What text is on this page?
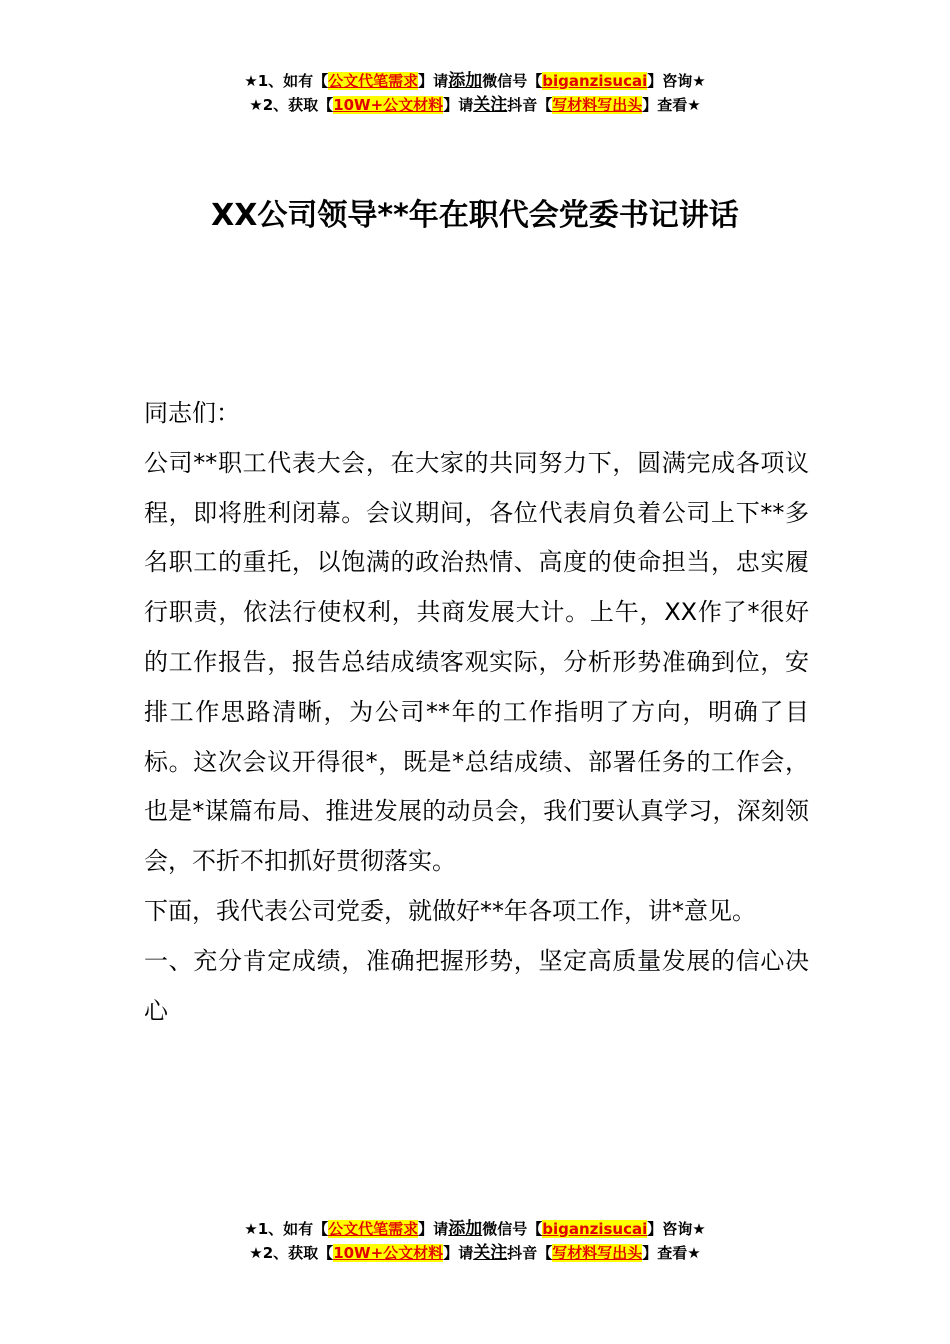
★1、如有【公文代笔需求】请添加微信号【biganzisucai】咨询★
★2、获取【10W+公文材料】请关注抖音【写材料写出头】查看★
XX公司领导**年在职代会党委书记讲话

同志们：

公司**职工代表大会，在大家的共同努力下，圆满完成各项议程，即将胜利闭幕。会议期间，各位代表肩负着公司上下**多名职工的重托，以饱满的政治热情、高度的使命担当，忠实履行职责，依法行使权利，共商发展大计。上午，XX作了*很好的工作报告，报告总结成绩客观实际，分析形势准确到位，安排工作思路清晰，为公司**年的工作指明了方向，明确了目标。这次会议开得很*，既是*总结成绩、部署任务的工作会，也是*谋篇布局、推进发展的动员会，我们要认真学习，深刻领会，不折不扣抓好贯彻落实。

下面，我代表公司党委，就做好**年各项工作，讲*意见。

一、充分肯定成绩，准确把握形势，坚定高质量发展的信心决心

★1、如有【公文代笔需求】请添加微信号【biganzisucai】咨询★
★2、获取【10W+公文材料】请关注抖音【写材料写出头】查看★
